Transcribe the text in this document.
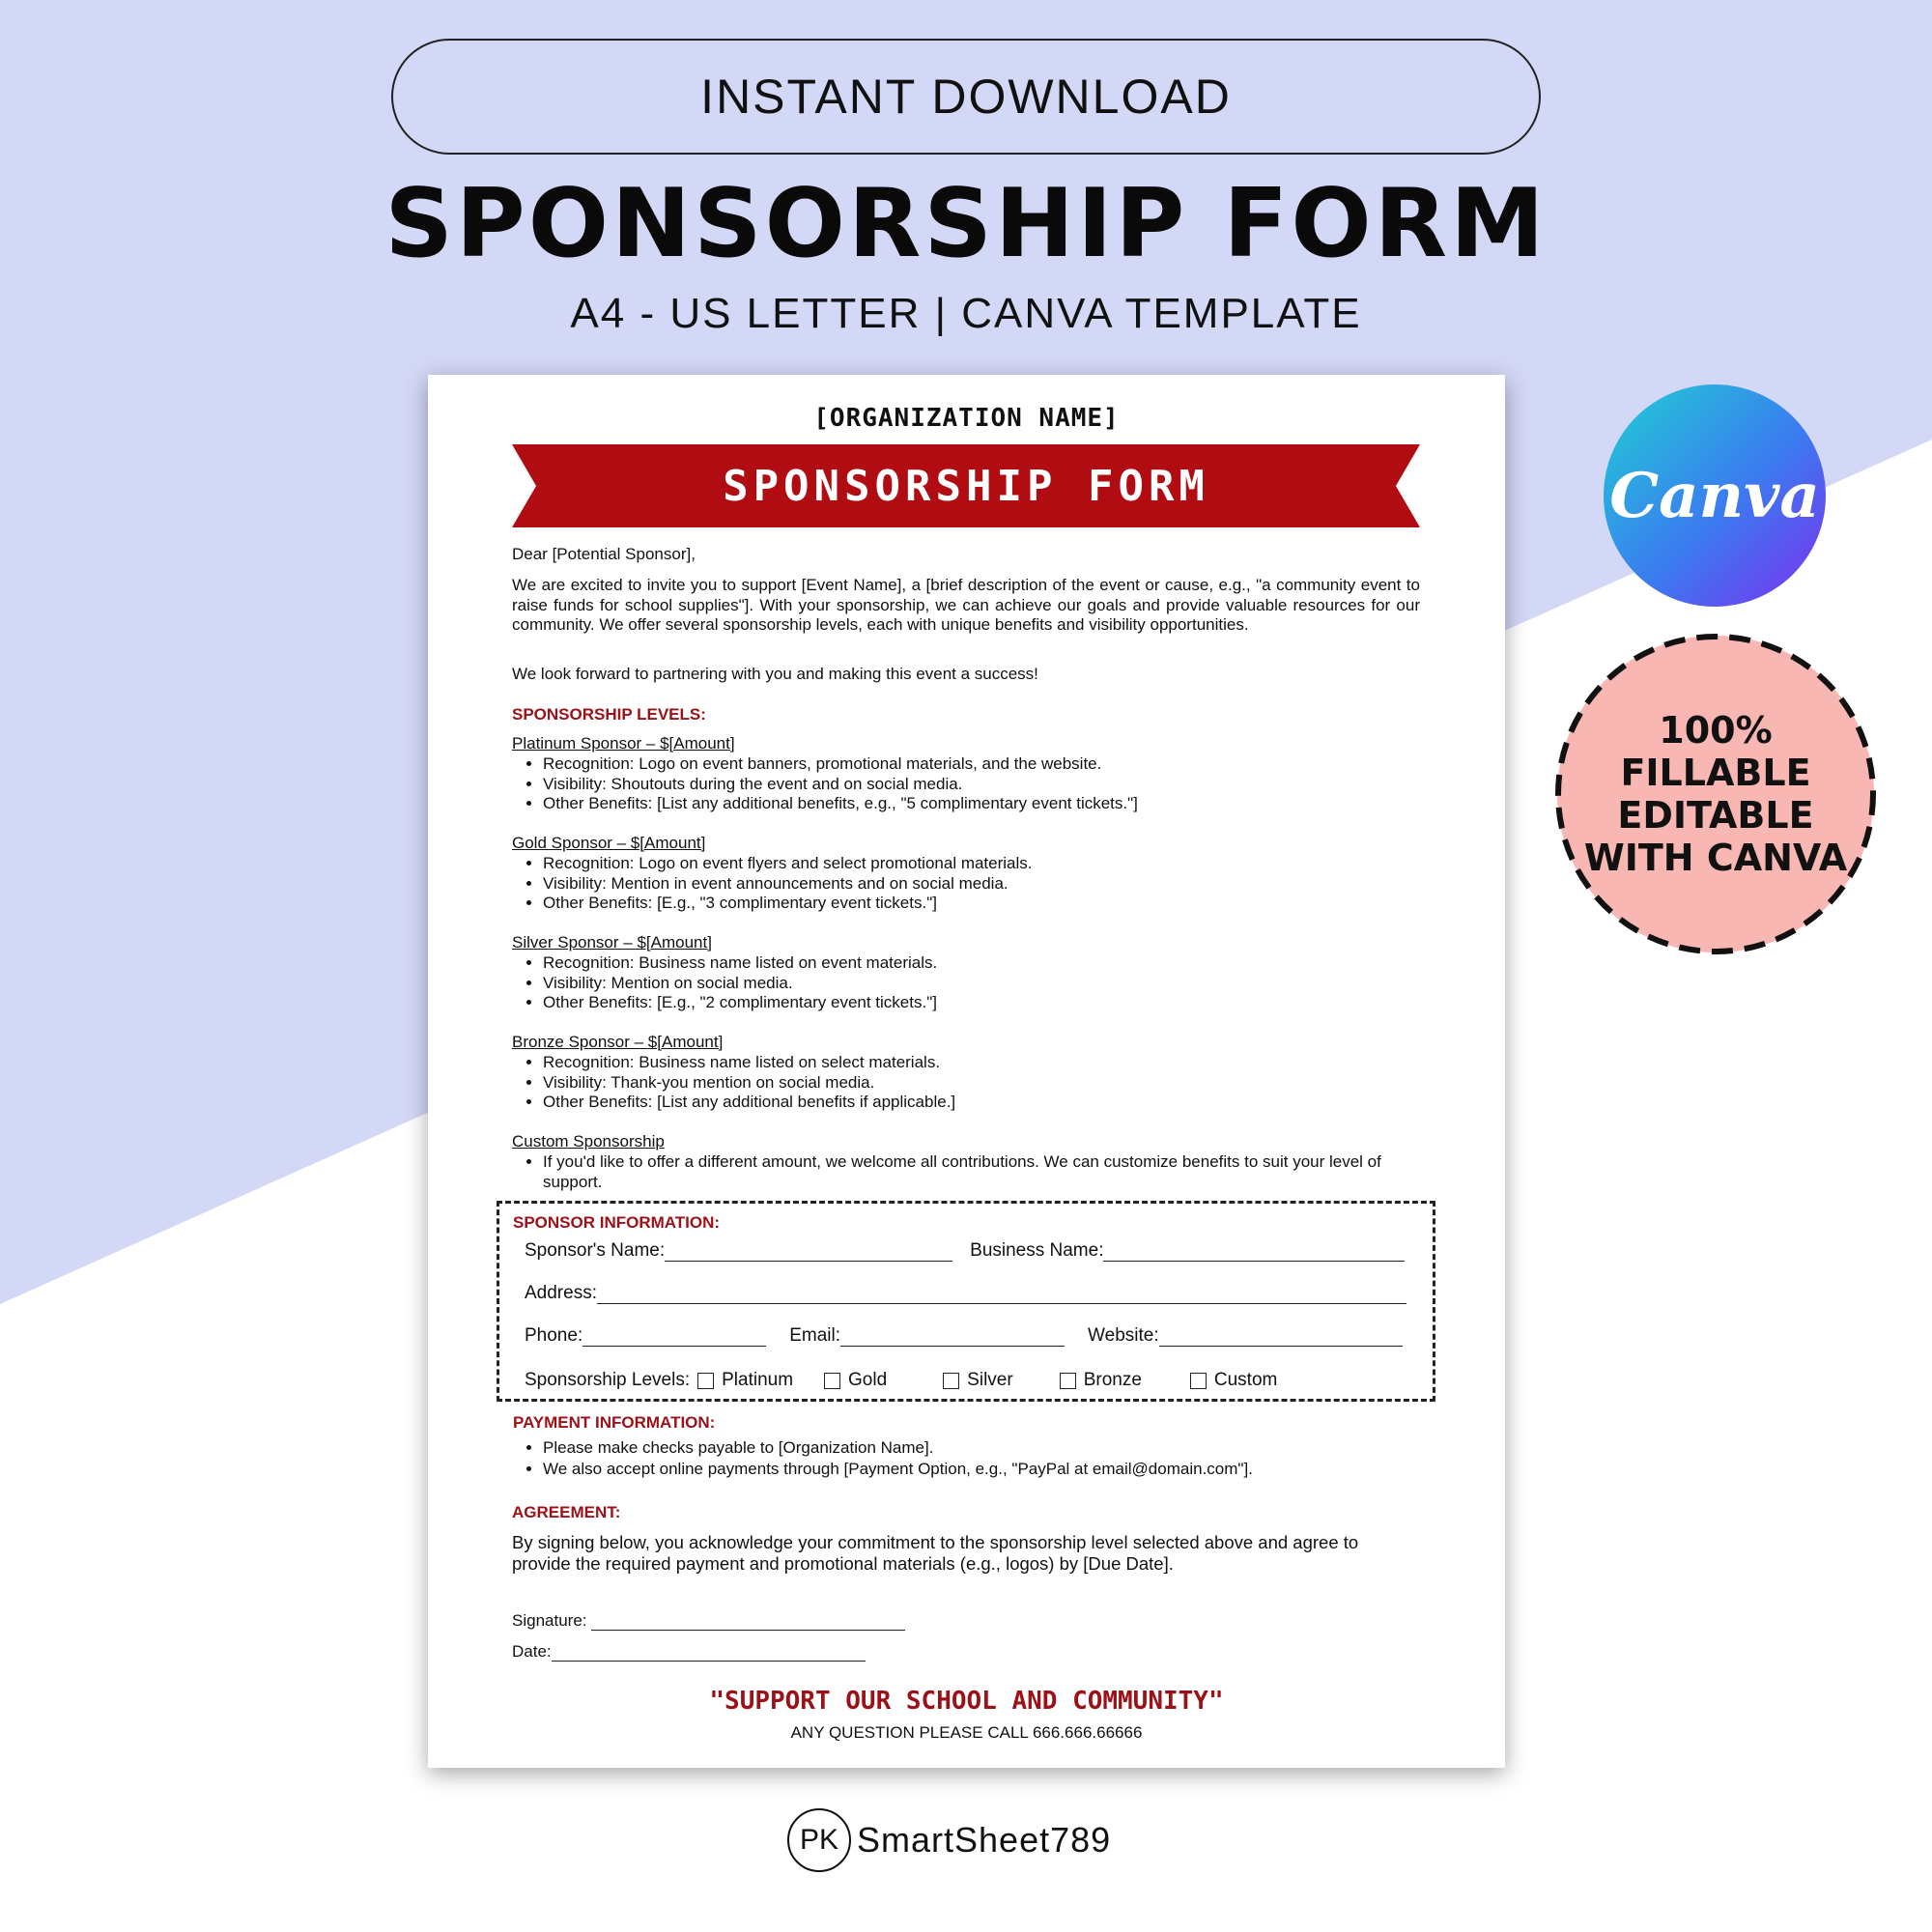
INSTANT DOWNLOAD
SPONSORSHIP FORM
A4 - US LETTER | CANVA TEMPLATE
[ORGANIZATION NAME]
SPONSORSHIP FORM
Dear [Potential Sponsor],
We are excited to invite you to support [Event Name], a [brief description of the event or cause, e.g., "a community event to raise funds for school supplies"]. With your sponsorship, we can achieve our goals and provide valuable resources for our community. We offer several sponsorship levels, each with unique benefits and visibility opportunities.
We look forward to partnering with you and making this event a success!
SPONSORSHIP LEVELS:
Platinum Sponsor – $[Amount]
• Recognition: Logo on event banners, promotional materials, and the website.
• Visibility: Shoutouts during the event and on social media.
• Other Benefits: [List any additional benefits, e.g., "5 complimentary event tickets."]
Gold Sponsor – $[Amount]
• Recognition: Logo on event flyers and select promotional materials.
• Visibility: Mention in event announcements and on social media.
• Other Benefits: [E.g., "3 complimentary event tickets."]
Silver Sponsor – $[Amount]
• Recognition: Business name listed on event materials.
• Visibility: Mention on social media.
• Other Benefits: [E.g., "2 complimentary event tickets."]
Bronze Sponsor – $[Amount]
• Recognition: Business name listed on select materials.
• Visibility: Thank-you mention on social media.
• Other Benefits: [List any additional benefits if applicable.]
Custom Sponsorship
• If you'd like to offer a different amount, we welcome all contributions. We can customize benefits to suit your level of support.
SPONSOR INFORMATION:
Sponsor's Name:	Business Name:
Address:
Phone:	Email:	Website:
Sponsorship Levels: Platinum	Gold	Silver	Bronze	Custom
PAYMENT INFORMATION:
• Please make checks payable to [Organization Name].
• We also accept online payments through [Payment Option, e.g., "PayPal at email@domain.com"].
AGREEMENT:
By signing below, you acknowledge your commitment to the sponsorship level selected above and agree to provide the required payment and promotional materials (e.g., logos) by [Due Date].
Signature:
Date:
"SUPPORT OUR SCHOOL AND COMMUNITY"
ANY QUESTION PLEASE CALL 666.666.66666
Canva
100%
FILLABLE
EDITABLE
WITH CANVA
PK SmartSheet789
